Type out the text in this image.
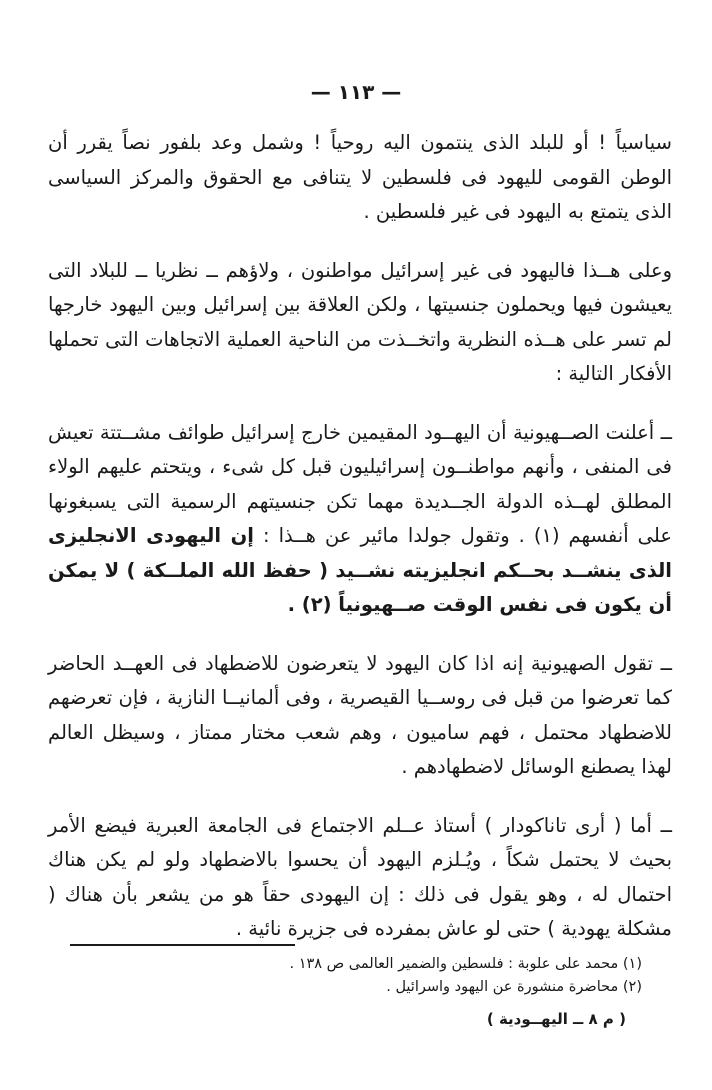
— ١١٣ —

سياسياً ! أو للبلد الذى ينتمون اليه روحياً ! وشمل وعد بلفور نصاً يقرر أن الوطن القومى لليهود فى فلسطين لا يتنافى مع الحقوق والمركز السياسى الذى يتمتع به اليهود فى غير فلسطين .

وعلى هــذا فاليهود فى غير إسرائيل مواطنون ، ولاؤهم ــ نظريا ــ للبلاد التى يعيشون فيها ويحملون جنسيتها ، ولكن العلاقة بين إسرائيل وبين اليهود خارجها لم تسر على هــذه النظرية واتخــذت من الناحية العملية الاتجاهات التى تحملها الأفكار التالية :

ــ أعلنت الصــهيونية أن اليهــود المقيمين خارج إسرائيل طوائف مشــتتة تعيش فى المنفى ، وأنهم مواطنــون إسرائيليون قبل كل شىء ، ويتحتم عليهم الولاء المطلق لهــذه الدولة الجــديدة مهما تكن جنسيتهم الرسمية التى يسبغونها على أنفسهم (١) . وتقول جولدا مائير عن هــذا : إن اليهودى الانجليزى الذى ينشــد بحــكم انجليزيته نشــيد ( حفظ الله الملــكة ) لا يمكن أن يكون فى نفس الوقت صــهيونياً (٢) .

ــ تقول الصهيونية إنه اذا كان اليهود لا يتعرضون للاضطهاد فى العهــد الحاضر كما تعرضوا من قبل فى روســيا القيصرية ، وفى ألمانيــا النازية ، فإن تعرضهم للاضطهاد محتمل ، فهم ساميون ، وهم شعب مختار ممتاز ، وسيظل العالم لهذا يصطنع الوسائل لاضطهادهم .

ــ أما ( أرى تاناكودار ) أستاذ عــلم الاجتماع فى الجامعة العبرية فيضع الأمر بحيث لا يحتمل شكاً ، ويُـلزم اليهود أن يحسوا بالاضطهاد ولو لم يكن هناك احتمال له ، وهو يقول فى ذلك : إن اليهودى حقاً هو من يشعر بأن هناك ( مشكلة يهودية ) حتى لو عاش بمفرده فى جزيرة نائية .

(١) محمد على علوبة : فلسطين والضمير العالمى ص ١٣٨ .

(٢) محاضرة منشورة عن اليهود واسرائيل .

( م ٨ ــ اليهــودية )
